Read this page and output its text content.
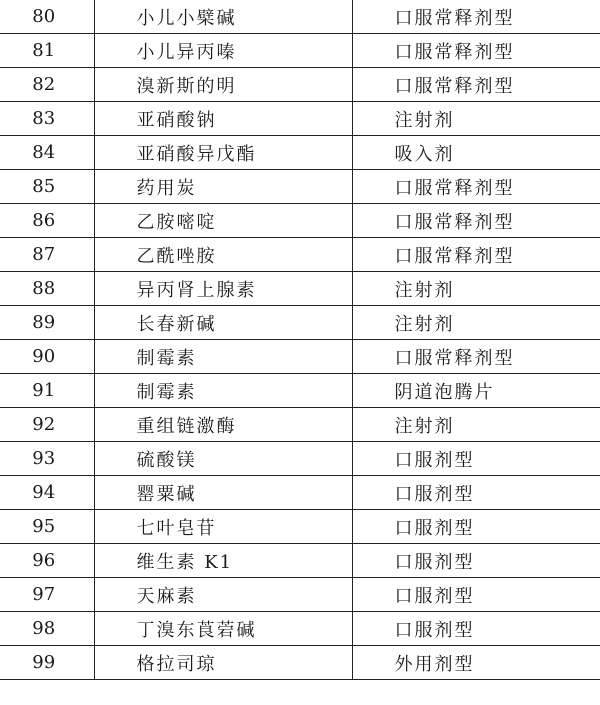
80	小儿小檗碱	口服常释剂型
81	小儿异丙嗪	口服常释剂型
82	溴新斯的明	口服常释剂型
83	亚硝酸钠	注射剂
84	亚硝酸异戊酯	吸入剂
85	药用炭	口服常释剂型
86	乙胺嘧啶	口服常释剂型
87	乙酰唑胺	口服常释剂型
88	异丙肾上腺素	注射剂
89	长春新碱	注射剂
90	制霉素	口服常释剂型
91	制霉素	阴道泡腾片
92	重组链激酶	注射剂
93	硫酸镁	口服剂型
94	罂粟碱	口服剂型
95	七叶皂苷	口服剂型
96	维生素 K1	口服剂型
97	天麻素	口服剂型
98	丁溴东莨菪碱	口服剂型
99	格拉司琼	外用剂型
